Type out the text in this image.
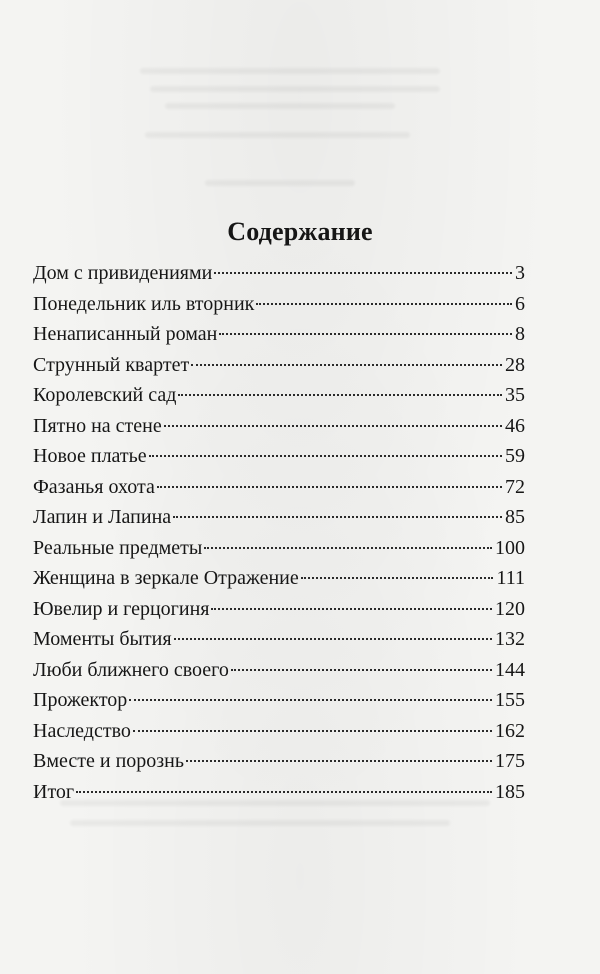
Содержание
Дом с привидениями	3
Понедельник иль вторник	6
Ненаписанный роман	8
Струнный квартет	28
Королевский сад	35
Пятно на стене	46
Новое платье	59
Фазанья охота	72
Лапин и Лапина	85
Реальные предметы	100
Женщина в зеркале Отражение	111
Ювелир и герцогиня	120
Моменты бытия	132
Люби ближнего своего	144
Прожектор	155
Наследство	162
Вместе и порознь	175
Итог	185
